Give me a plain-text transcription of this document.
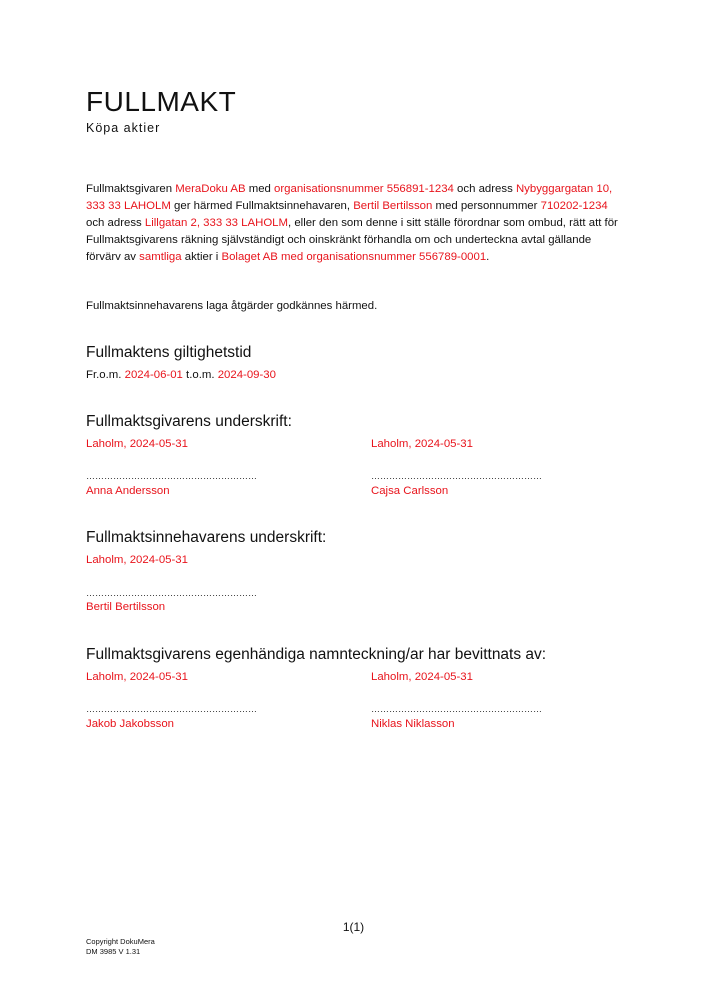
FULLMAKT
Köpa aktier

Fullmaktsgivaren MeraDoku AB med organisationsnummer 556891-1234 och adress Nybyggargatan 10, 333 33 LAHOLM ger härmed Fullmaktsinnehavaren, Bertil Bertilsson med personnummer 710202-1234 och adress Lillgatan 2, 333 33 LAHOLM, eller den som denne i sitt ställe förordnar som ombud, rätt att för Fullmaktsgivarens räkning självständigt och oinskränkt förhandla om och underteckna avtal gällande förvärv av samtliga aktier i Bolaget AB med organisationsnummer 556789-0001.

Fullmaktsinnehavarens laga åtgärder godkännes härmed.

Fullmaktens giltighetstid
Fr.o.m. 2024-06-01 t.o.m. 2024-09-30
Fullmaktsgivarens underskrift:
Laholm, 2024-05-31	Laholm, 2024-05-31
…………………………………………………	…………………………………………………
Anna Andersson	Cajsa Carlsson
Fullmaktsinnehavarens underskrift:
Laholm, 2024-05-31
…………………………………………………
Bertil Bertilsson
Fullmaktsgivarens egenhändiga namnteckning/ar har bevittnats av:
Laholm, 2024-05-31	Laholm, 2024-05-31
…………………………………………………	…………………………………………………
Jakob Jakobsson	Niklas Niklasson
1(1)
Copyright DokuMera
DM 3985 V 1.31
